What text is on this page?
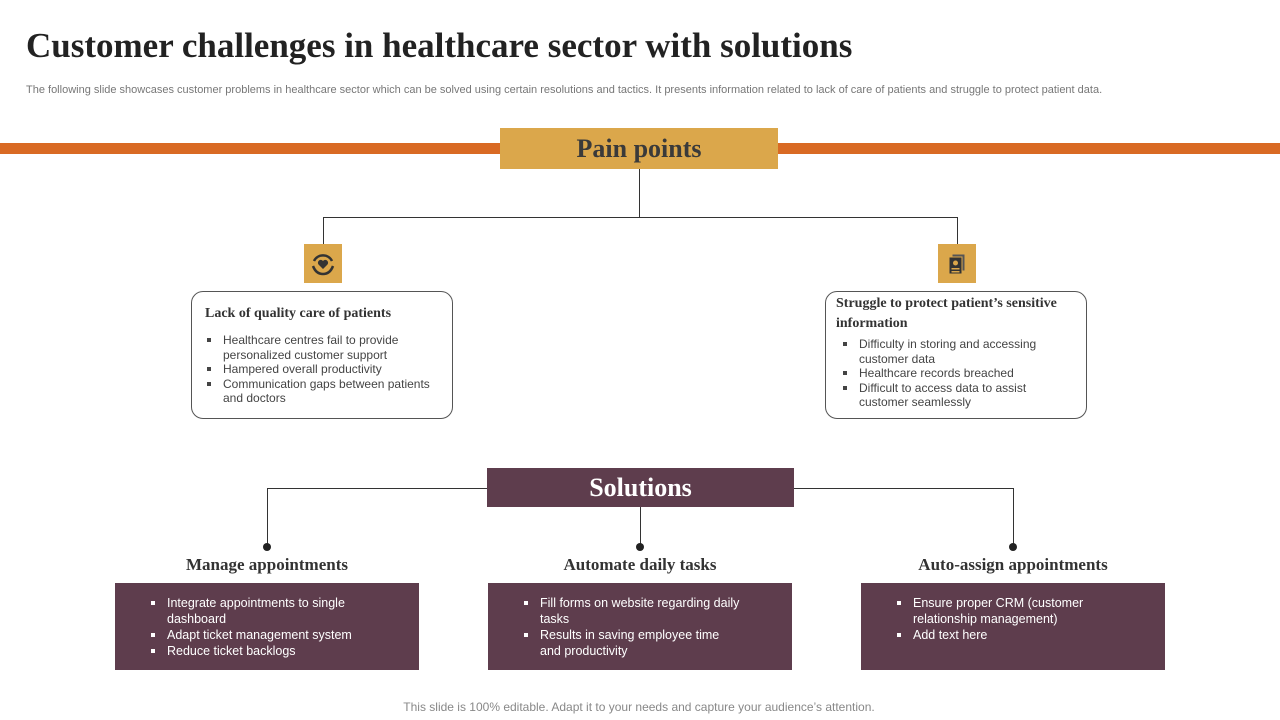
Customer challenges in healthcare sector with solutions
The following slide showcases customer problems in healthcare sector which can be solved using certain resolutions and tactics. It presents information related to lack of care of patients and struggle to protect patient data.
Pain points
Lack of quality care of patients
Healthcare centres fail to provide personalized customer support
Hampered overall productivity
Communication gaps between patients and doctors
Struggle to protect patient’s sensitive information
Difficulty in storing and accessing customer data
Healthcare records breached
Difficult to access data to assist customer seamlessly
Solutions
Manage appointments	Automate daily tasks	Auto-assign appointments
Integrate appointments to single dashboard
Adapt ticket management system
Reduce ticket backlogs
Fill forms on website regarding daily tasks
Results in saving employee time and productivity
Ensure proper CRM (customer relationship management)
Add text here
This slide is 100% editable. Adapt it to your needs and capture your audience’s attention.
